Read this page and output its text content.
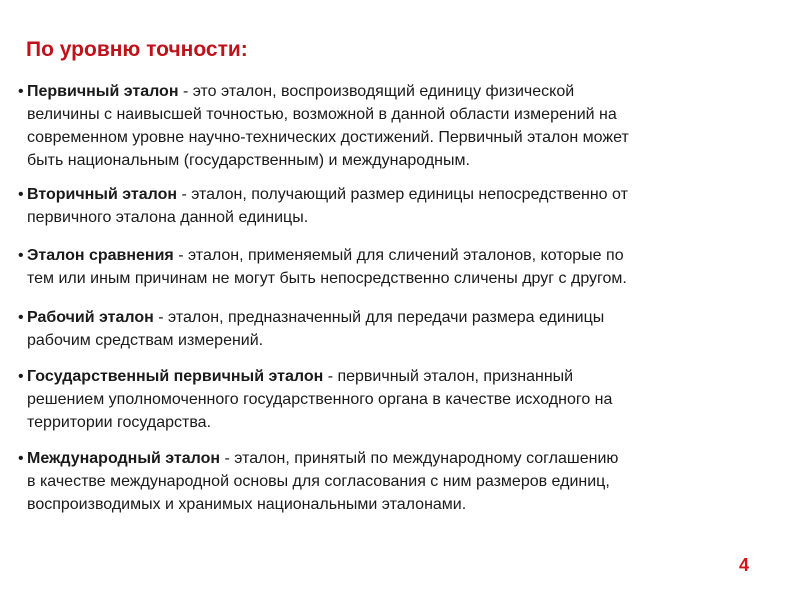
По уровню точности:
• Первичный эталон - это эталон, воспроизводящий единицу физической
величины с наивысшей точностью, возможной в данной области измерений на
современном уровне научно-технических достижений. Первичный эталон может
быть национальным (государственным) и международным.
• Вторичный эталон - эталон, получающий размер единицы непосредственно от
первичного эталона данной единицы.
• Эталон сравнения - эталон, применяемый для сличений эталонов, которые по
тем или иным причинам не могут быть непосредственно сличены друг с другом.
• Рабочий эталон - эталон, предназначенный для передачи размера единицы
рабочим средствам измерений.
• Государственный первичный эталон - первичный эталон, признанный
решением уполномоченного государственного органа в качестве исходного на
территории государства.
• Международный эталон - эталон, принятый по международному соглашению
в качестве международной основы для согласования с ним размеров единиц,
воспроизводимых и хранимых национальными эталонами.
4
